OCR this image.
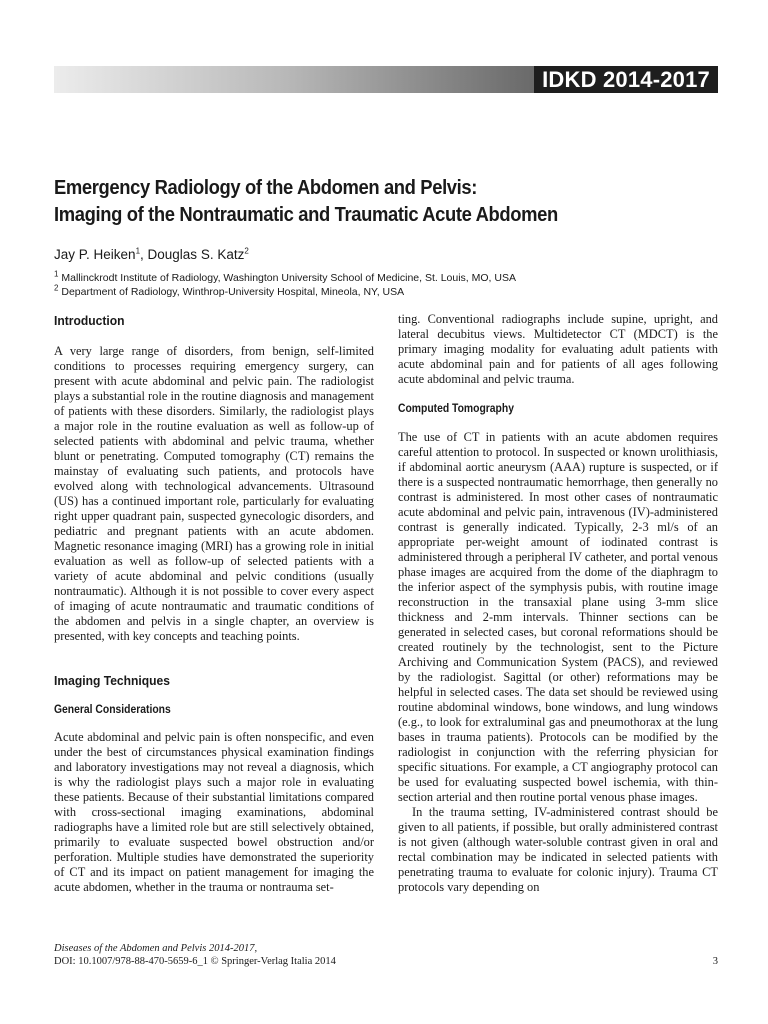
IDKD 2014-2017
Emergency Radiology of the Abdomen and Pelvis:
Imaging of the Nontraumatic and Traumatic Acute Abdomen
Jay P. Heiken$^1$, Douglas S. Katz$^2$
$^1$ Mallinckrodt Institute of Radiology, Washington University School of Medicine, St. Louis, MO, USA
$^2$ Department of Radiology, Winthrop-University Hospital, Mineola, NY, USA
Introduction

A very large range of disorders, from benign, self-limited conditions to processes requiring emergency surgery, can present with acute abdominal and pelvic pain. The radiologist plays a substantial role in the routine diagnosis and management of patients with these disorders. Similarly, the radiologist plays a major role in the routine evaluation as well as follow-up of selected patients with abdominal and pelvic trauma, whether blunt or penetrating. Computed tomography (CT) remains the mainstay of evaluating such patients, and protocols have evolved along with technological advancements. Ultrasound (US) has a continued important role, particularly for evaluating right upper quadrant pain, suspected gynecologic disorders, and pediatric and pregnant patients with an acute abdomen. Magnetic resonance imaging (MRI) has a growing role in initial evaluation as well as follow-up of selected patients with a variety of acute abdominal and pelvic conditions (usually nontraumatic). Although it is not possible to cover every aspect of imaging of acute nontraumatic and traumatic conditions of the abdomen and pelvis in a single chapter, an overview is presented, with key concepts and teaching points.

Imaging Techniques
General Considerations

Acute abdominal and pelvic pain is often nonspecific, and even under the best of circumstances physical examination findings and laboratory investigations may not reveal a diagnosis, which is why the radiologist plays such a major role in evaluating these patients. Because of their substantial limitations compared with cross-sectional imaging examinations, abdominal radiographs have a limited role but are still selectively obtained, primarily to evaluate suspected bowel obstruction and/or perforation. Multiple studies have demonstrated the superiority of CT and its impact on patient management for imaging the acute abdomen, whether in the trauma or nontrauma set-

ting. Conventional radiographs include supine, upright, and lateral decubitus views. Multidetector CT (MDCT) is the primary imaging modality for evaluating adult patients with acute abdominal pain and for patients of all ages following acute abdominal and pelvic trauma.

Computed Tomography

The use of CT in patients with an acute abdomen requires careful attention to protocol. In suspected or known urolithiasis, if abdominal aortic aneurysm (AAA) rupture is suspected, or if there is a suspected nontraumatic hemorrhage, then generally no contrast is administered. In most other cases of nontraumatic acute abdominal and pelvic pain, intravenous (IV)-administered contrast is generally indicated. Typically, 2-3 ml/s of an appropriate per-weight amount of iodinated contrast is administered through a peripheral IV catheter, and portal venous phase images are acquired from the dome of the diaphragm to the inferior aspect of the symphysis pubis, with routine image reconstruction in the transaxial plane using 3-mm slice thickness and 2-mm intervals. Thinner sections can be generated in selected cases, but coronal reformations should be created routinely by the technologist, sent to the Picture Archiving and Communication System (PACS), and reviewed by the radiologist. Sagittal (or other) reformations may be helpful in selected cases. The data set should be reviewed using routine abdominal windows, bone windows, and lung windows (e.g., to look for extraluminal gas and pneumothorax at the lung bases in trauma patients). Protocols can be modified by the radiologist in conjunction with the referring physician for specific situations. For example, a CT angiography protocol can be used for evaluating suspected bowel ischemia, with thin-section arterial and then routine portal venous phase images.

In the trauma setting, IV-administered contrast should be given to all patients, if possible, but orally administered contrast is not given (although water-soluble contrast given in oral and rectal combination may be indicated in selected patients with penetrating trauma to evaluate for colonic injury). Trauma CT protocols vary depending on

Diseases of the Abdomen and Pelvis 2014-2017,
DOI: 10.1007/978-88-470-5659-6_1 © Springer-Verlag Italia 2014	3
